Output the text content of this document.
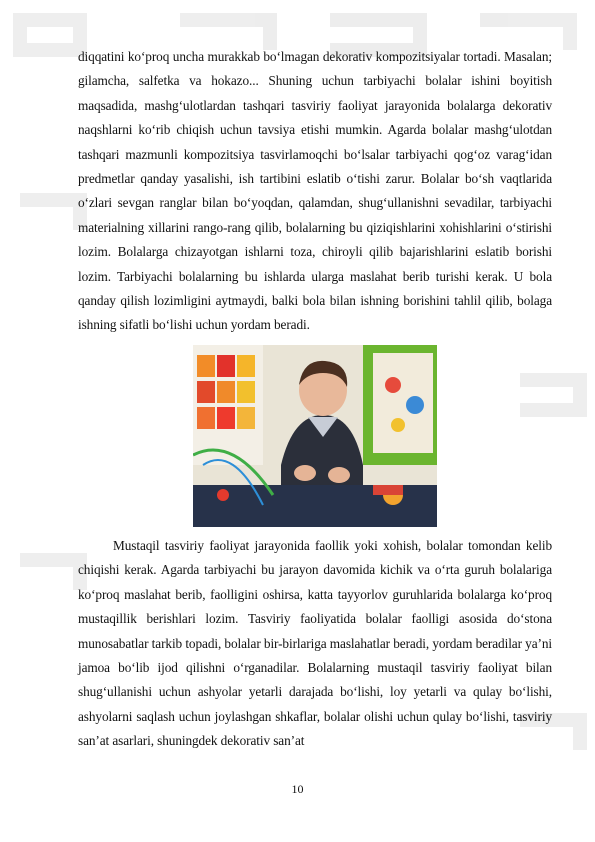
diqqatini ko‘proq uncha murakkab bo‘lmagan dekorativ kompozitsiyalar tortadi. Masalan; gilamcha, salfetka va hokazo... Shuning uchun tarbiyachi bolalar ishini boyitish maqsadida, mashg‘ulotlardan tashqari tasviriy faoliyat jarayonida bolalarga dekorativ naqshlarni ko‘rib chiqish uchun tavsiya etishi mumkin. Agarda bolalar mashg‘ulotdan tashqari mazmunli kompozitsiya tasvirlamoqchi bo‘lsalar tarbiyachi qog‘oz varag‘idan predmetlar qanday yasalishi, ish tartibini eslatib o‘tishi zarur. Bolalar bo‘sh vaqtlarida o‘zlari sevgan ranglar bilan bo‘yoqdan, qalamdan, shug‘ullanishni sevadilar, tarbiyachi materialning xillarini rango-rang qilib, bolalarning bu qiziqishlarini xohishlarini o‘stirishi lozim. Bolalarga chizayotgan ishlarni toza, chiroyli qilib bajarishlarini eslatib borishi lozim. Tarbiyachi bolalarning bu ishlarda ularga maslahat berib turishi kerak. U bola qanday qilish lozimligini aytmaydi, balki bola bilan ishning borishini tahlil qilib, bolaga ishning sifatli bo‘lishi uchun yordam beradi.

Mustaqil tasviriy faoliyat jarayonida faollik yoki xohish, bolalar tomondan kelib chiqishi kerak. Agarda tarbiyachi bu jarayon davomida kichik va o‘rta guruh bolalariga ko‘proq maslahat berib, faolligini oshirsa, katta tayyorlov guruhlarida bolalarga ko‘proq mustaqillik berishlari lozim. Tasviriy faoliyatida bolalar faolligi asosida do‘stona munosabatlar tarkib topadi, bolalar bir-birlariga maslahatlar beradi, yordam beradilar ya’ni jamoa bo‘lib ijod qilishni o‘rganadilar. Bolalarning mustaqil tasviriy faoliyat bilan shug‘ullanishi uchun ashyolar yetarli darajada bo‘lishi, loy yetarli va qulay bo‘lishi, ashyolarni saqlash uchun joylashgan shkaflar, bolalar olishi uchun qulay bo‘lishi, tasviriy san’at asarlari, shuningdek dekorativ san’at

10
